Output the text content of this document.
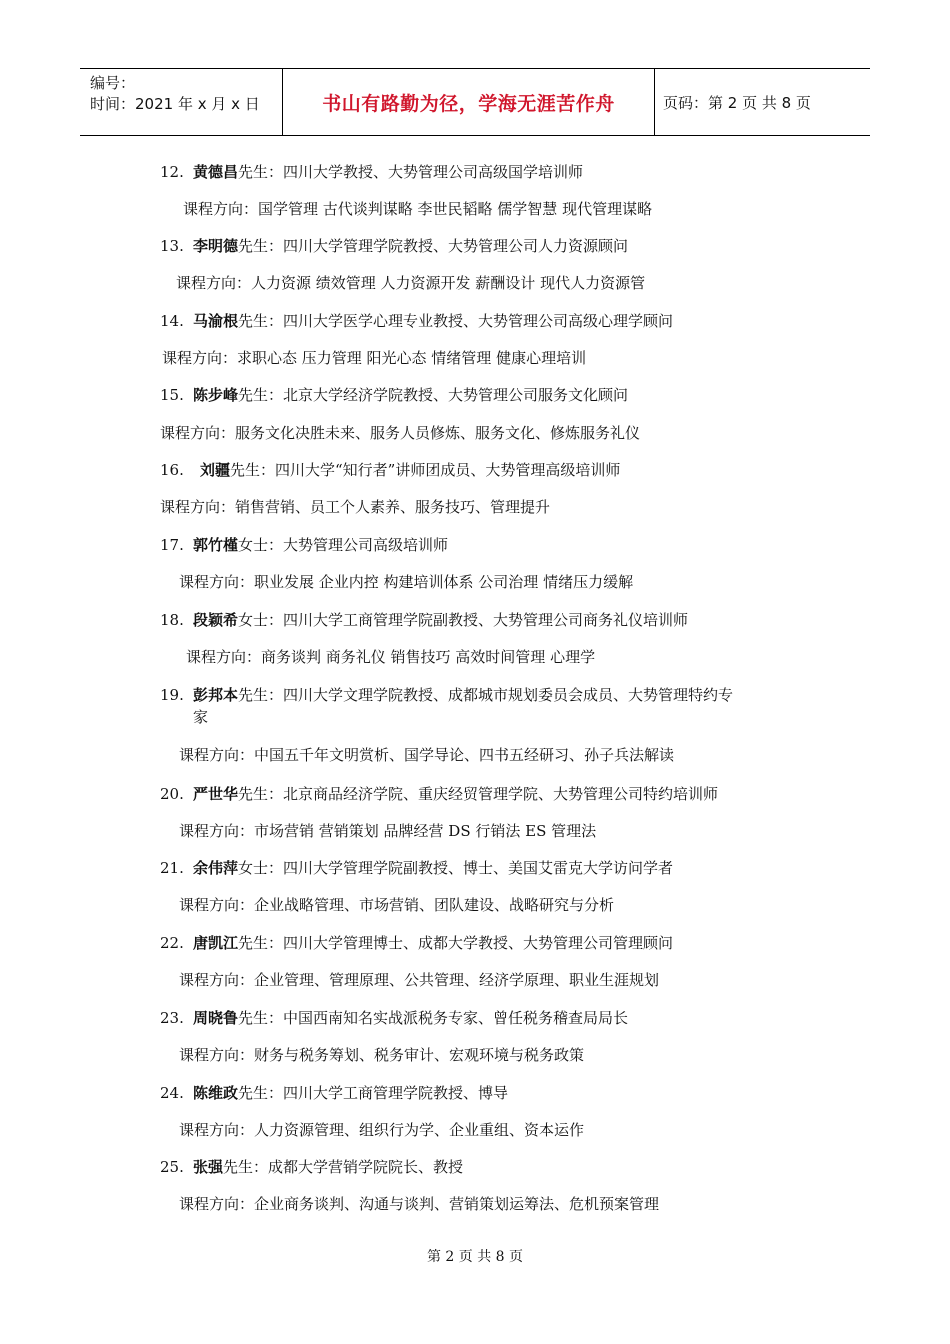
编号：
时间：2021 年 x 月 x 日	书山有路勤为径，学海无涯苦作舟	页码：第 2 页 共 8 页
12. 黄德昌先生：四川大学教授、大势管理公司高级国学培训师
课程方向：国学管理 古代谈判谋略 李世民韬略 儒学智慧 现代管理谋略
13. 李明德先生：四川大学管理学院教授、大势管理公司人力资源顾问
课程方向：人力资源 绩效管理 人力资源开发 薪酬设计 现代人力资源管
14. 马渝根先生：四川大学医学心理专业教授、大势管理公司高级心理学顾问
课程方向：求职心态 压力管理 阳光心态 情绪管理 健康心理培训
15. 陈步峰先生：北京大学经济学院教授、大势管理公司服务文化顾问
课程方向：服务文化决胜未来、服务人员修炼、服务文化、修炼服务礼仪
16. 刘疆先生：四川大学“知行者”讲师团成员、大势管理高级培训师
课程方向：销售营销、员工个人素养、服务技巧、管理提升
17. 郭竹槿女士：大势管理公司高级培训师
课程方向：职业发展 企业内控 构建培训体系 公司治理 情绪压力缓解
18. 段颖希女士：四川大学工商管理学院副教授、大势管理公司商务礼仪培训师
课程方向：商务谈判 商务礼仪 销售技巧 高效时间管理 心理学
19. 彭邦本先生：四川大学文理学院教授、成都城市规划委员会成员、大势管理特约专
家
课程方向：中国五千年文明赏析、国学导论、四书五经研习、孙子兵法解读
20. 严世华先生：北京商品经济学院、重庆经贸管理学院、大势管理公司特约培训师
课程方向：市场营销 营销策划 品牌经营 DS 行销法 ES 管理法
21. 余伟萍女士：四川大学管理学院副教授、博士、美国艾雷克大学访问学者
课程方向：企业战略管理、市场营销、团队建设、战略研究与分析
22. 唐凯江先生：四川大学管理博士、成都大学教授、大势管理公司管理顾问
课程方向：企业管理、管理原理、公共管理、经济学原理、职业生涯规划
23. 周晓鲁先生：中国西南知名实战派税务专家、曾任税务稽查局局长
课程方向：财务与税务筹划、税务审计、宏观环境与税务政策
24. 陈维政先生：四川大学工商管理学院教授、博导
课程方向：人力资源管理、组织行为学、企业重组、资本运作
25. 张强先生：成都大学营销学院院长、教授
课程方向：企业商务谈判、沟通与谈判、营销策划运筹法、危机预案管理
第 2 页 共 8 页
